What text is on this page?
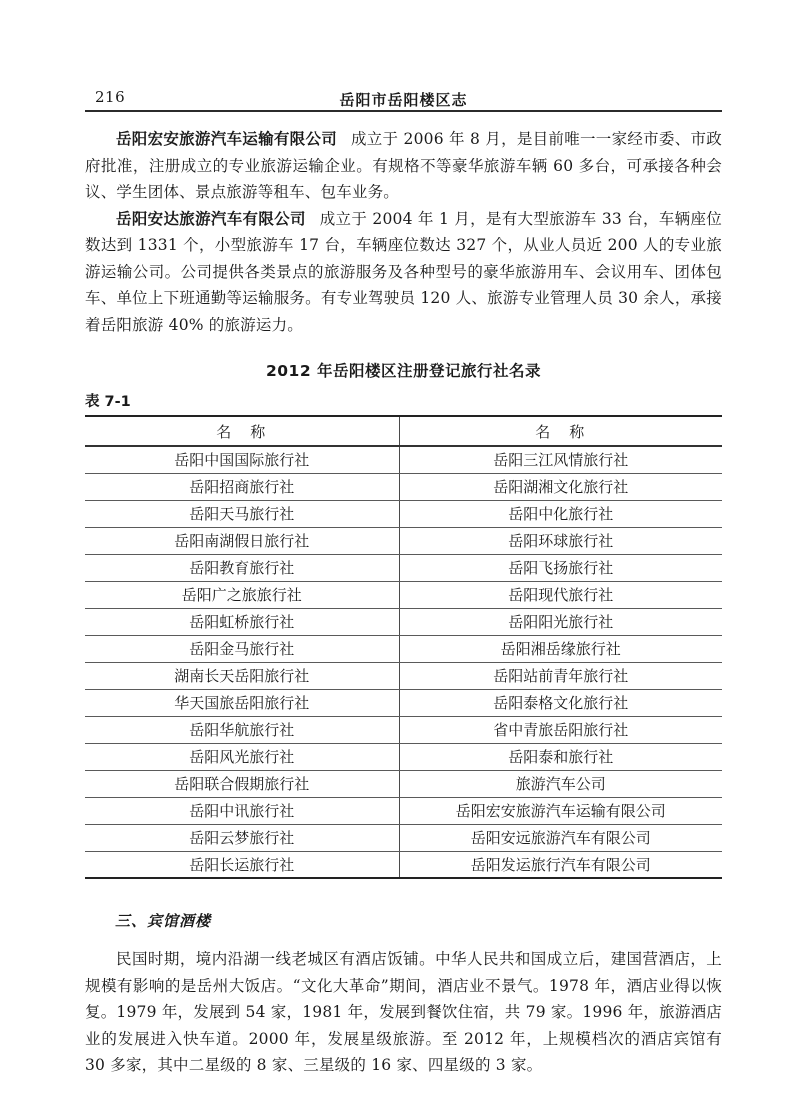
216	岳阳市岳阳楼区志

岳阳宏安旅游汽车运输有限公司 成立于 2006 年 8 月，是目前唯一一家经市委、市政府批准，注册成立的专业旅游运输企业。有规格不等豪华旅游车辆 60 多台，可承接各种会议、学生团体、景点旅游等租车、包车业务。

岳阳安达旅游汽车有限公司 成立于 2004 年 1 月，是有大型旅游车 33 台，车辆座位数达到 1331 个，小型旅游车 17 台，车辆座位数达 327 个，从业人员近 200 人的专业旅游运输公司。公司提供各类景点的旅游服务及各种型号的豪华旅游用车、会议用车、团体包车、单位上下班通勤等运输服务。有专业驾驶员 120 人、旅游专业管理人员 30 余人，承接着岳阳旅游 40% 的旅游运力。

2012 年岳阳楼区注册登记旅行社名录
表 7-1
名　称	名　称
岳阳中国国际旅行社	岳阳三江风情旅行社
岳阳招商旅行社	岳阳湖湘文化旅行社
岳阳天马旅行社	岳阳中化旅行社
岳阳南湖假日旅行社	岳阳环球旅行社
岳阳教育旅行社	岳阳飞扬旅行社
岳阳广之旅旅行社	岳阳现代旅行社
岳阳虹桥旅行社	岳阳阳光旅行社
岳阳金马旅行社	岳阳湘岳缘旅行社
湖南长天岳阳旅行社	岳阳站前青年旅行社
华天国旅岳阳旅行社	岳阳泰格文化旅行社
岳阳华航旅行社	省中青旅岳阳旅行社
岳阳风光旅行社	岳阳泰和旅行社
岳阳联合假期旅行社	旅游汽车公司
岳阳中讯旅行社	岳阳宏安旅游汽车运输有限公司
岳阳云梦旅行社	岳阳安远旅游汽车有限公司
岳阳长运旅行社	岳阳发运旅行汽车有限公司
三、宾馆酒楼

民国时期，境内沿湖一线老城区有酒店饭铺。中华人民共和国成立后，建国营酒店，上规模有影响的是岳州大饭店。“文化大革命”期间，酒店业不景气。1978 年，酒店业得以恢复。1979 年，发展到 54 家，1981 年，发展到餐饮住宿，共 79 家。1996 年，旅游酒店业的发展进入快车道。2000 年，发展星级旅游。至 2012 年，上规模档次的酒店宾馆有 30 多家，其中二星级的 8 家、三星级的 16 家、四星级的 3 家。
